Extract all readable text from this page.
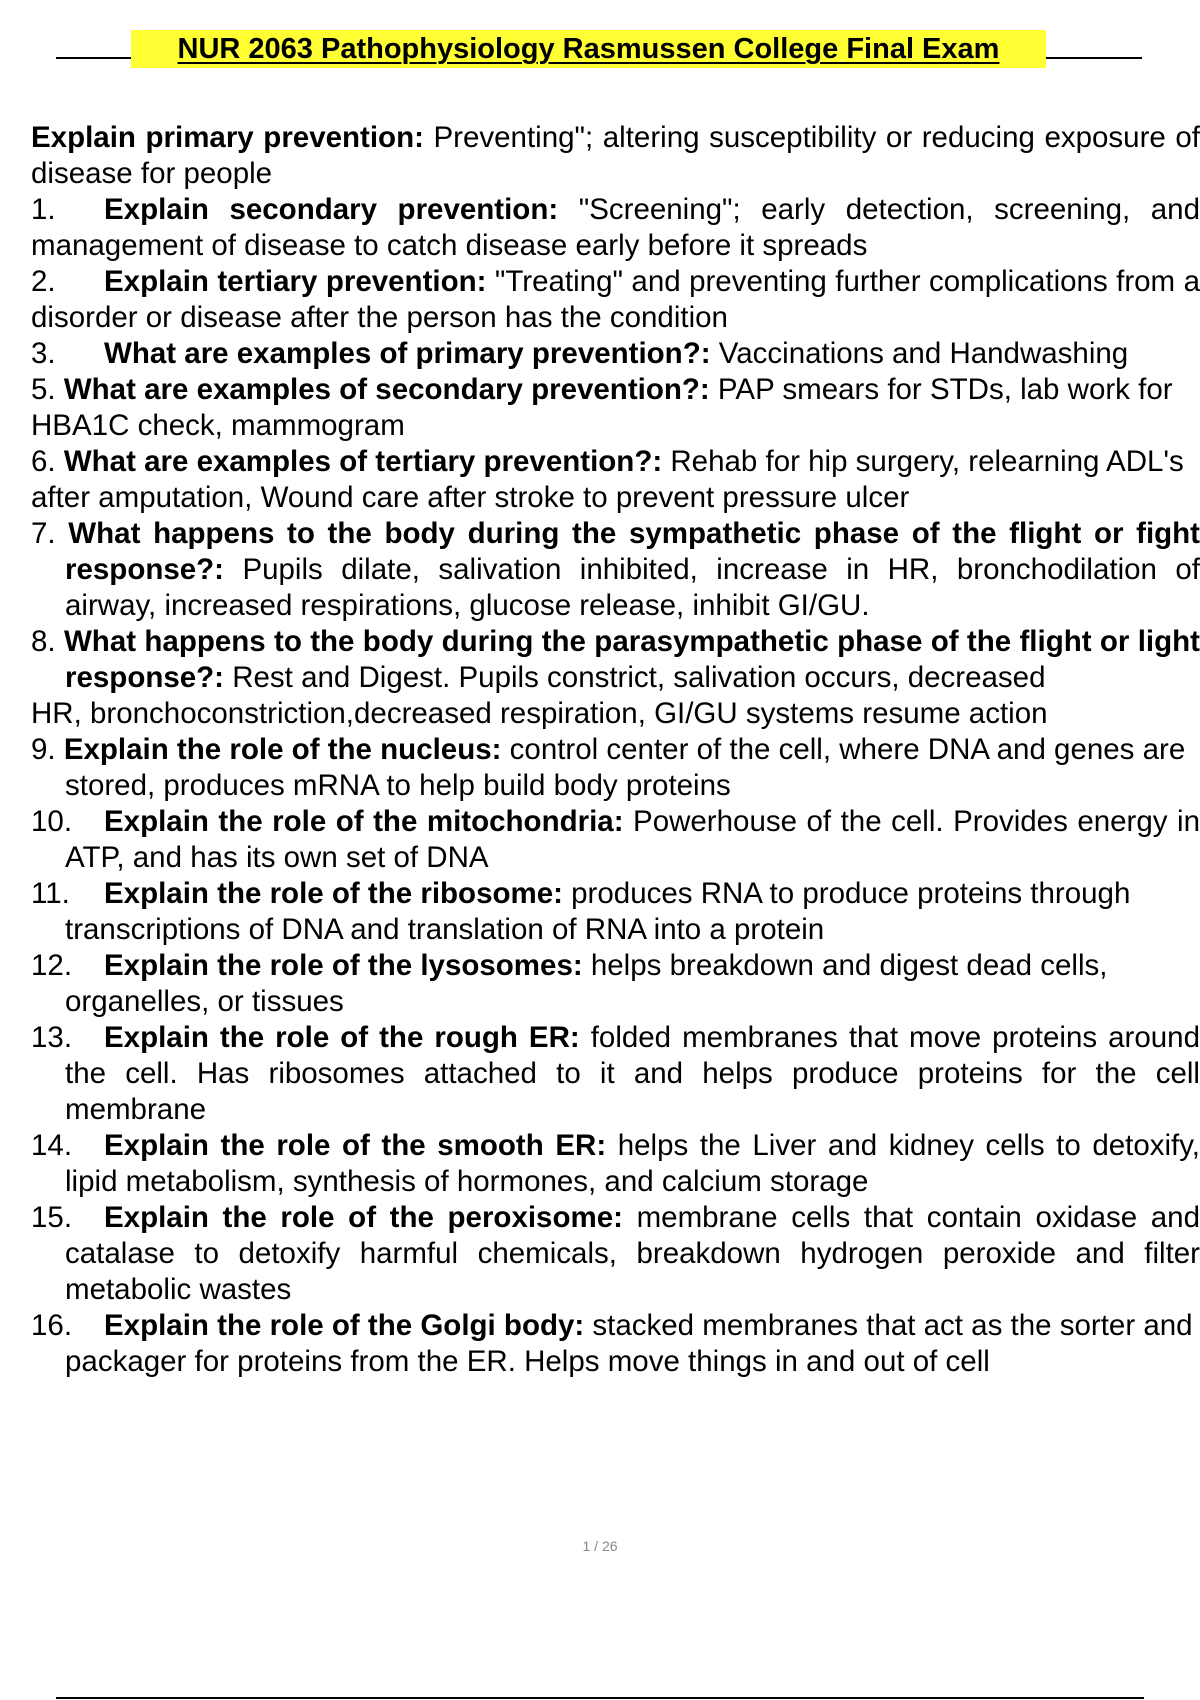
NUR 2063 Pathophysiology Rasmussen College Final Exam
Explain primary prevention: Preventing"; altering susceptibility or reducing exposure of disease for people
1. Explain secondary prevention: "Screening"; early detection, screening, and management of disease to catch disease early before it spreads
2. Explain tertiary prevention: "Treating" and preventing further complications from a disorder or disease after the person has the condition
3. What are examples of primary prevention?: Vaccinations and Handwashing
5. What are examples of secondary prevention?: PAP smears for STDs, lab work for HBA1C check, mammogram
6. What are examples of tertiary prevention?: Rehab for hip surgery, relearning ADL's after amputation, Wound care after stroke to prevent pressure ulcer
7. What happens to the body during the sympathetic phase of the flight or fight response?: Pupils dilate, salivation inhibited, increase in HR, bronchodilation of airway, increased respirations, glucose release, inhibit GI/GU.
8. What happens to the body during the parasympathetic phase of the flight or light response?: Rest and Digest. Pupils constrict, salivation occurs, decreased
HR, bronchoconstriction,decreased respiration, GI/GU systems resume action
9. Explain the role of the nucleus: control center of the cell, where DNA and genes are stored, produces mRNA to help build body proteins
10. Explain the role of the mitochondria: Powerhouse of the cell. Provides energy in ATP, and has its own set of DNA
11. Explain the role of the ribosome: produces RNA to produce proteins through transcriptions of DNA and translation of RNA into a protein
12. Explain the role of the lysosomes: helps breakdown and digest dead cells, organelles, or tissues
13. Explain the role of the rough ER: folded membranes that move proteins around the cell. Has ribosomes attached to it and helps produce proteins for the cell membrane
14. Explain the role of the smooth ER: helps the Liver and kidney cells to detoxify, lipid metabolism, synthesis of hormones, and calcium storage
15. Explain the role of the peroxisome: membrane cells that contain oxidase and catalase to detoxify harmful chemicals, breakdown hydrogen peroxide and filter metabolic wastes
16. Explain the role of the Golgi body: stacked membranes that act as the sorter and packager for proteins from the ER. Helps move things in and out of cell
1 / 26
